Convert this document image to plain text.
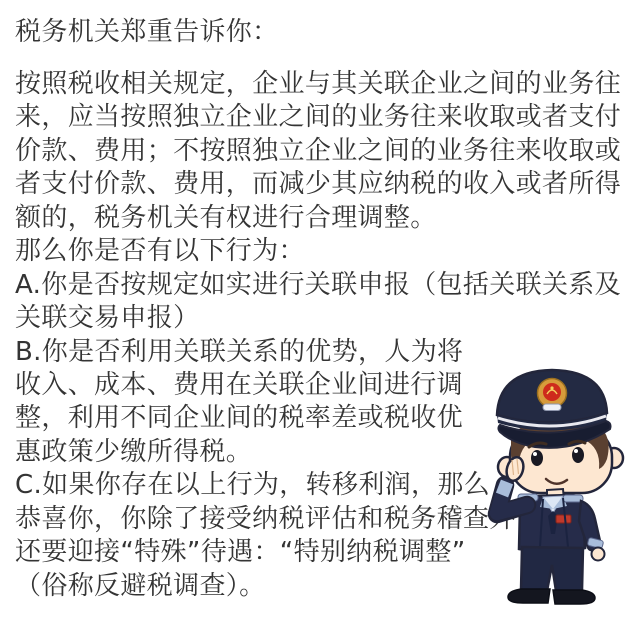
税务机关郑重告诉你：
按照税收相关规定，企业与其关联企业之间的业务往
来，应当按照独立企业之间的业务往来收取或者支付
价款、费用；不按照独立企业之间的业务往来收取或
者支付价款、费用，而减少其应纳税的收入或者所得
额的，税务机关有权进行合理调整。
那么你是否有以下行为：
A.你是否按规定如实进行关联申报（包括关联关系及
关联交易申报）
B.你是否利用关联关系的优势，人为将
收入、成本、费用在关联企业间进行调
整，利用不同企业间的税率差或税收优
惠政策少缴所得税。
C.如果你存在以上行为，转移利润，那么
恭喜你，你除了接受纳税评估和税务稽查外
还要迎接“特殊”待遇：“特别纳税调整”
（俗称反避税调查）。
